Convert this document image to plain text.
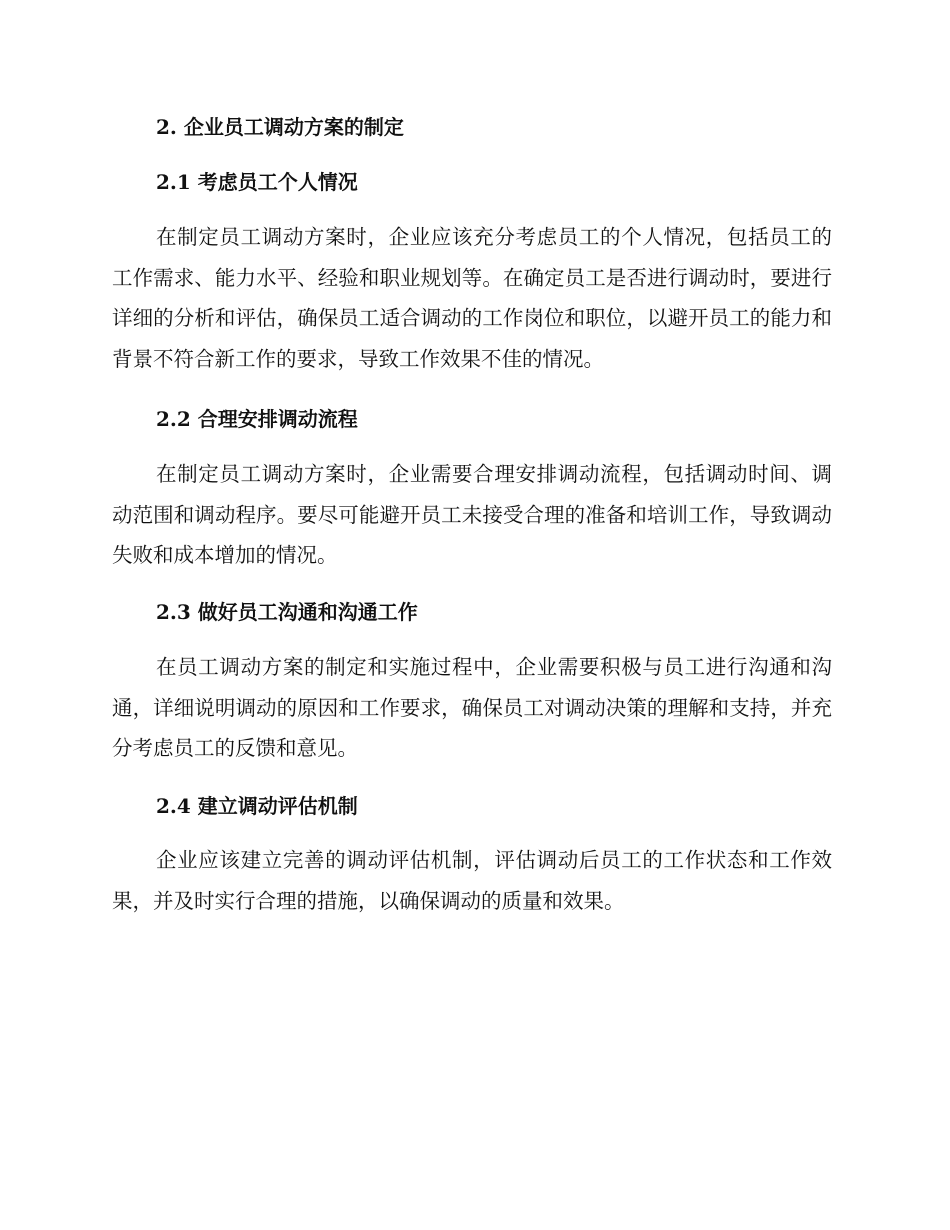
2. 企业员工调动方案的制定
2.1 考虑员工个人情况

在制定员工调动方案时，企业应该充分考虑员工的个人情况，包括员工的工作需求、能力水平、经验和职业规划等。在确定员工是否进行调动时，要进行详细的分析和评估，确保员工适合调动的工作岗位和职位，以避开员工的能力和背景不符合新工作的要求，导致工作效果不佳的情况。

2.2 合理安排调动流程

在制定员工调动方案时，企业需要合理安排调动流程，包括调动时间、调动范围和调动程序。要尽可能避开员工未接受合理的准备和培训工作，导致调动失败和成本增加的情况。

2.3 做好员工沟通和沟通工作

在员工调动方案的制定和实施过程中，企业需要积极与员工进行沟通和沟通，详细说明调动的原因和工作要求，确保员工对调动决策的理解和支持，并充分考虑员工的反馈和意见。

2.4 建立调动评估机制

企业应该建立完善的调动评估机制，评估调动后员工的工作状态和工作效果，并及时实行合理的措施，以确保调动的质量和效果。
